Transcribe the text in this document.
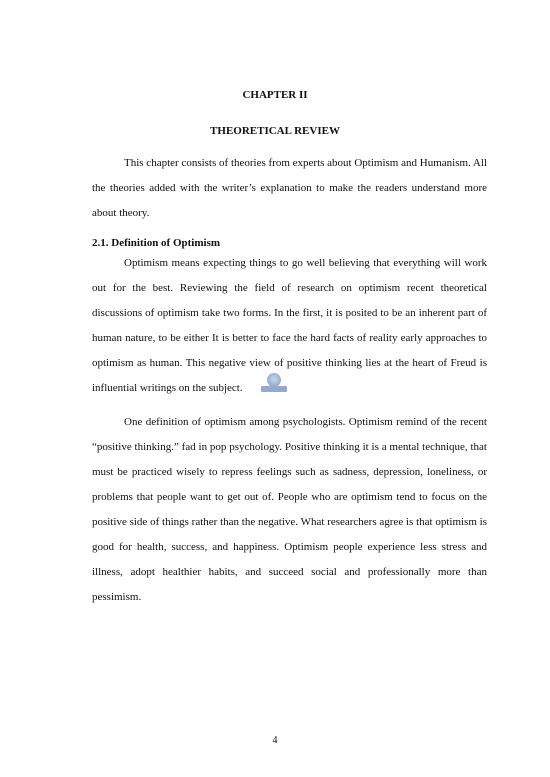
CHAPTER II
THEORETICAL REVIEW

This chapter consists of theories from experts about Optimism and Humanism. All the theories added with the writer’s explanation to make the readers understand more about theory.

2.1. Definition of Optimism

Optimism means expecting things to go well believing that everything will work out for the best. Reviewing the field of research on optimism recent theoretical discussions of optimism take two forms. In the first, it is posited to be an inherent part of human nature, to be either It is better to face the hard facts of reality early approaches to optimism as human. This negative view of positive thinking lies at the heart of Freud is influential writings on the subject.

One definition of optimism among psychologists. Optimism remind of the recent “positive thinking.” fad in pop psychology. Positive thinking it is a mental technique, that must be practiced wisely to repress feelings such as sadness, depression, loneliness, or problems that people want to get out of. People who are optimism tend to focus on the positive side of things rather than the negative. What researchers agree is that optimism is good for health, success, and happiness. Optimism people experience less stress and illness, adopt healthier habits, and succeed social and professionally more than pessimism.

4
